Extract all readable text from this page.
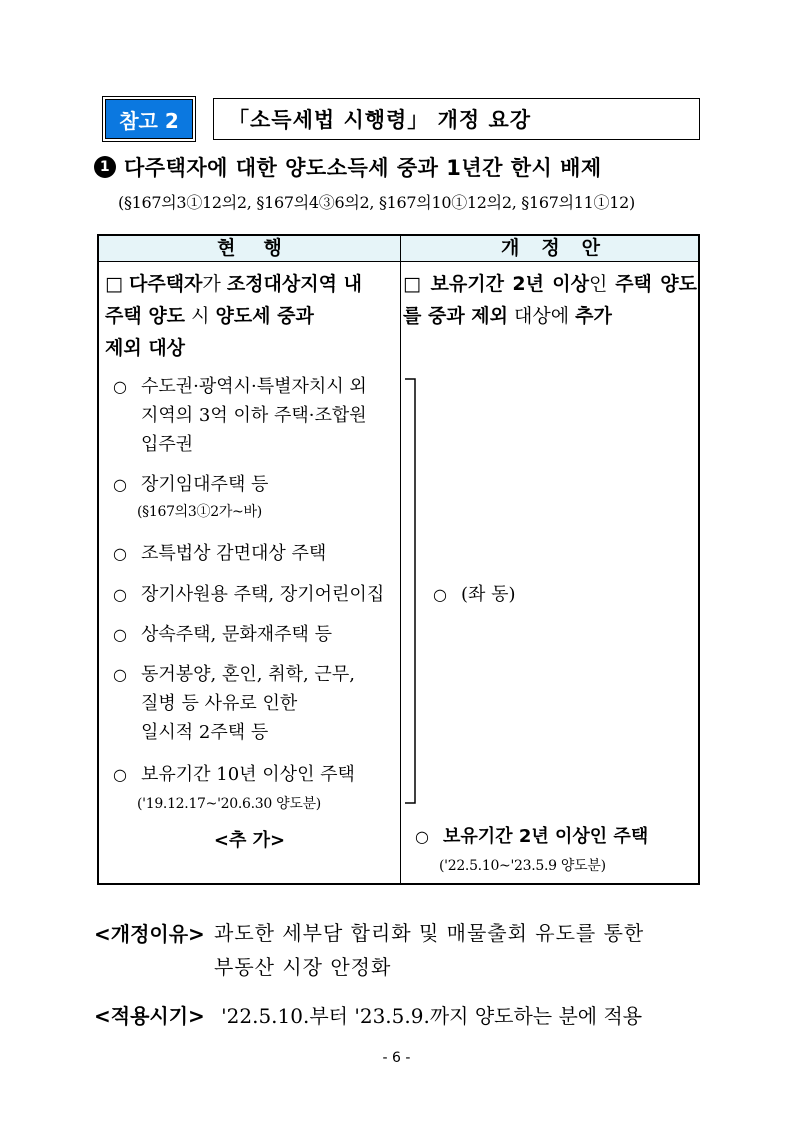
참고 2	「소득세법 시행령」 개정 요강
1 다주택자에 대한 양도소득세 중과 1년간 한시 배제
(§167의3①12의2, §167의4③6의2, §167의10①12의2, §167의11①12)
현행	개정안
□ 다주택자가 조정대상지역 내
주택 양도 시 양도세 중과
제외 대상
○ 수도권·광역시·특별자치시 외
지역의 3억 이하 주택·조합원
입주권
○ 장기임대주택 등
(§167의3①2가~바)
○ 조특법상 감면대상 주택
○ 장기사원용 주택, 장기어린이집
○ 상속주택, 문화재주택 등
○ 동거봉양, 혼인, 취학, 근무,
질병 등 사유로 인한
일시적 2주택 등
○ 보유기간 10년 이상인 주택
('19.12.17~'20.6.30 양도분)
<추 가>
□ 보유기간 2년 이상인 주택 양도를 중과 제외 대상에 추가
○ (좌 동)
○ 보유기간 2년 이상인 주택
('22.5.10~'23.5.9 양도분)
<개정이유> 과도한 세부담 합리화 및 매물출회 유도를 통한
부동산 시장 안정화
<적용시기> '22.5.10.부터 '23.5.9.까지 양도하는 분에 적용
- 6 -
